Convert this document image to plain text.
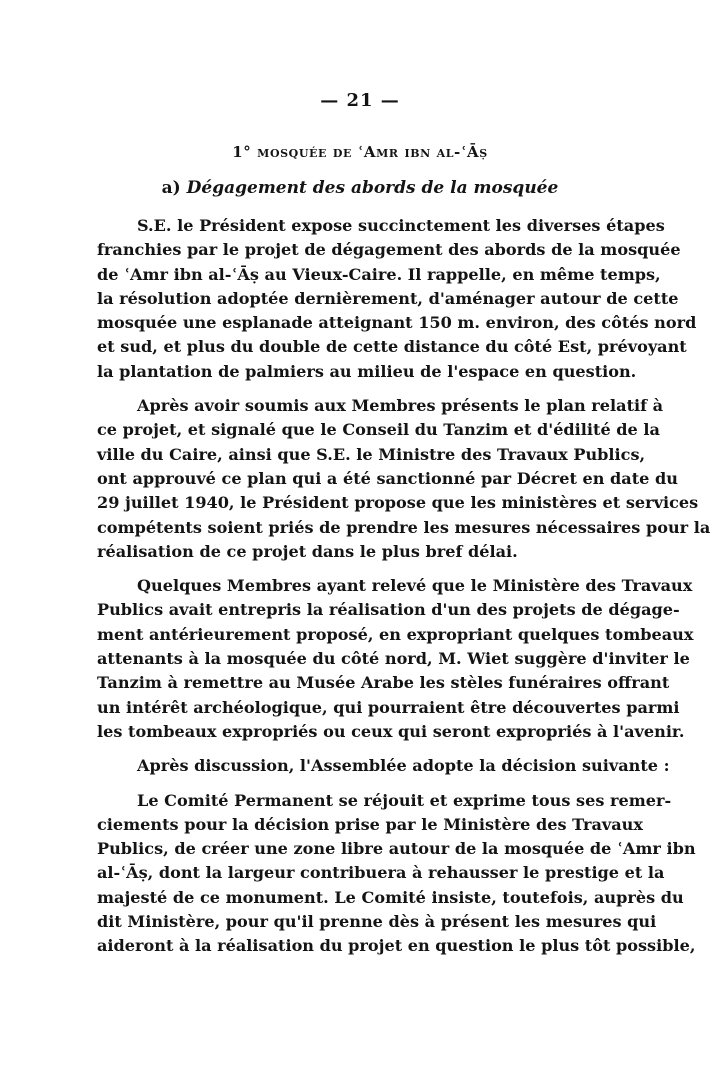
— 21 —
1° mosquée de ʿAmr ibn al-ʿĀṣ
a) Dégagement des abords de la mosquée
S.E. le Président expose succinctement les diverses étapes
franchies par le projet de dégagement des abords de la mosquée
de ʿAmr ibn al-ʿĀṣ au Vieux-Caire. Il rappelle, en même temps,
la résolution adoptée dernièrement, d'aménager autour de cette
mosquée une esplanade atteignant 150 m. environ, des côtés nord
et sud, et plus du double de cette distance du côté Est, prévoyant
la plantation de palmiers au milieu de l'espace en question.
Après avoir soumis aux Membres présents le plan relatif à
ce projet, et signalé que le Conseil du Tanzim et d'édilité de la
ville du Caire, ainsi que S.E. le Ministre des Travaux Publics,
ont approuvé ce plan qui a été sanctionné par Décret en date du
29 juillet 1940, le Président propose que les ministères et services
compétents soient priés de prendre les mesures nécessaires pour la
réalisation de ce projet dans le plus bref délai.
Quelques Membres ayant relevé que le Ministère des Travaux
Publics avait entrepris la réalisation d'un des projets de dégage-
ment antérieurement proposé, en expropriant quelques tombeaux
attenants à la mosquée du côté nord, M. Wiet suggère d'inviter le
Tanzim à remettre au Musée Arabe les stèles funéraires offrant
un intérêt archéologique, qui pourraient être découvertes parmi
les tombeaux expropriés ou ceux qui seront expropriés à l'avenir.
Après discussion, l'Assemblée adopte la décision suivante :
Le Comité Permanent se réjouit et exprime tous ses remer-
ciements pour la décision prise par le Ministère des Travaux
Publics, de créer une zone libre autour de la mosquée de ʿAmr ibn
al-ʿĀṣ, dont la largeur contribuera à rehausser le prestige et la
majesté de ce monument. Le Comité insiste, toutefois, auprès du
dit Ministère, pour qu'il prenne dès à présent les mesures qui
aideront à la réalisation du projet en question le plus tôt possible,
